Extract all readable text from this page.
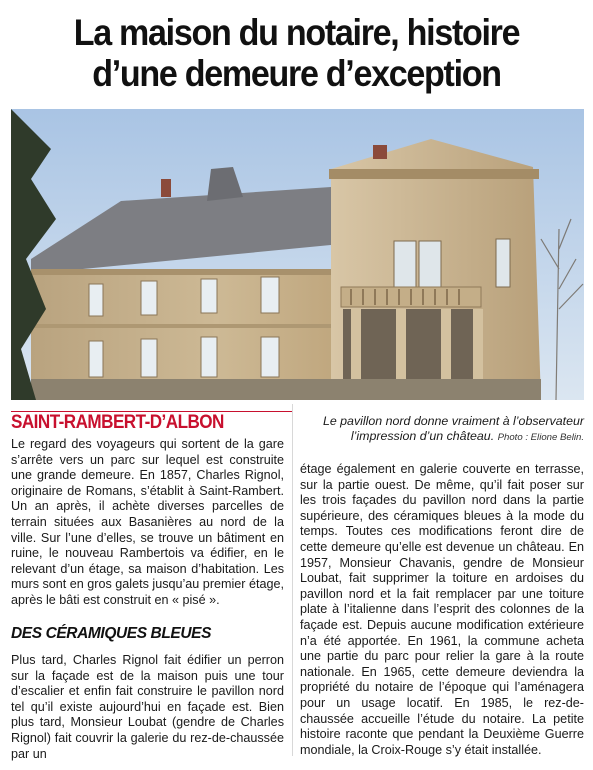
La maison du notaire, histoire
d’une demeure d’exception
SAINT-RAMBERT-D’ALBON	Le pavillon nord donne vraiment à l’observateur l’impression d’un château. Photo : Elione Belin.

Le regard des voyageurs qui sortent de la gare s’arrête vers un parc sur lequel est construite une grande demeure. En 1857, Charles Rignol, originaire de Romans, s’établit à Saint-Rambert. Un an après, il achète diverses parcelles de terrain situées aux Basanières au nord de la ville. Sur l’une d’elles, se trouve un bâtiment en ruine, le nouveau Rambertois va édifier, en le relevant d’un étage, sa maison d’habitation. Les murs sont en gros galets jusqu’au premier étage, après le bâti est construit en « pisé ».

DES CÉRAMIQUES BLEUES

Plus tard, Charles Rignol fait édifier un perron sur la façade est de la maison puis une tour d’escalier et enfin fait construire le pavillon nord tel qu’il existe aujourd’hui en façade est. Bien plus tard, Monsieur Loubat (gendre de Charles Rignol) fait couvrir la galerie du rez-de-chaussée par un

étage également en galerie couverte en terrasse, sur la partie ouest. De même, qu’il fait poser sur les trois façades du pavillon nord dans la partie supérieure, des céramiques bleues à la mode du temps. Toutes ces modifications feront dire de cette demeure qu’elle est devenue un château. En 1957, Monsieur Chavanis, gendre de Monsieur Loubat, fait supprimer la toiture en ardoises du pavillon nord et la fait remplacer par une toiture plate à l’italienne dans l’esprit des colonnes de la façade est. Depuis aucune modification extérieure n’a été apportée. En 1961, la commune acheta une partie du parc pour relier la gare à la route nationale. En 1965, cette demeure deviendra la propriété du notaire de l’époque qui l’aménagera pour un usage locatif. En 1985, le rez-de-chaussée accueille l’étude du notaire. La petite histoire raconte que pendant la Deuxième Guerre mondiale, la Croix-Rouge s’y était installée.
